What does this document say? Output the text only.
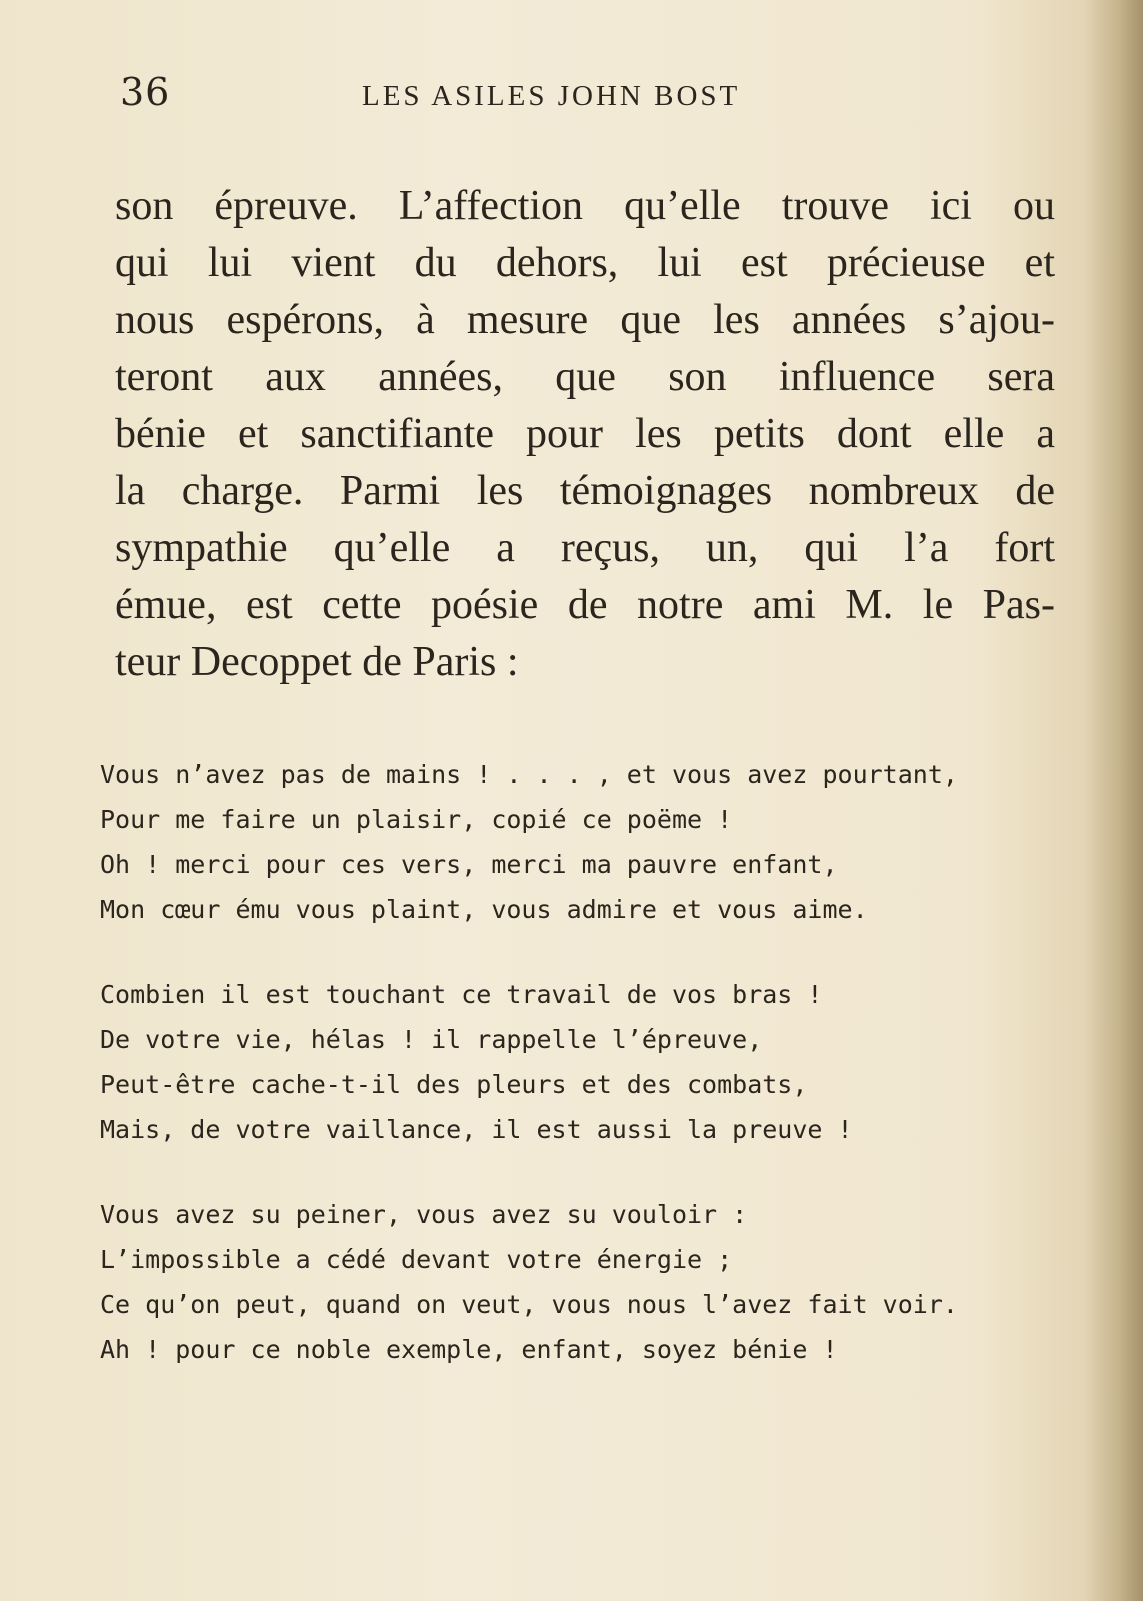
36	LES ASILES JOHN BOST
son épreuve. L’affection qu’elle trouve ici ou
qui lui vient du dehors, lui est précieuse et
nous espérons, à mesure que les années s’ajou-
teront aux années, que son influence sera
bénie et sanctifiante pour les petits dont elle a
la charge. Parmi les témoignages nombreux de
sympathie qu’elle a reçus, un, qui l’a fort
émue, est cette poésie de notre ami M. le Pas-
teur Decoppet de Paris :
Vous n’avez pas de mains ! . . . , et vous avez pourtant,
Pour me faire un plaisir, copié ce poëme !
Oh ! merci pour ces vers, merci ma pauvre enfant,
Mon cœur ému vous plaint, vous admire et vous aime.
Combien il est touchant ce travail de vos bras !
De votre vie, hélas ! il rappelle l’épreuve,
Peut-être cache-t-il des pleurs et des combats,
Mais, de votre vaillance, il est aussi la preuve !
Vous avez su peiner, vous avez su vouloir :
L’impossible a cédé devant votre énergie ;
Ce qu’on peut, quand on veut, vous nous l’avez fait voir.
Ah ! pour ce noble exemple, enfant, soyez bénie !
